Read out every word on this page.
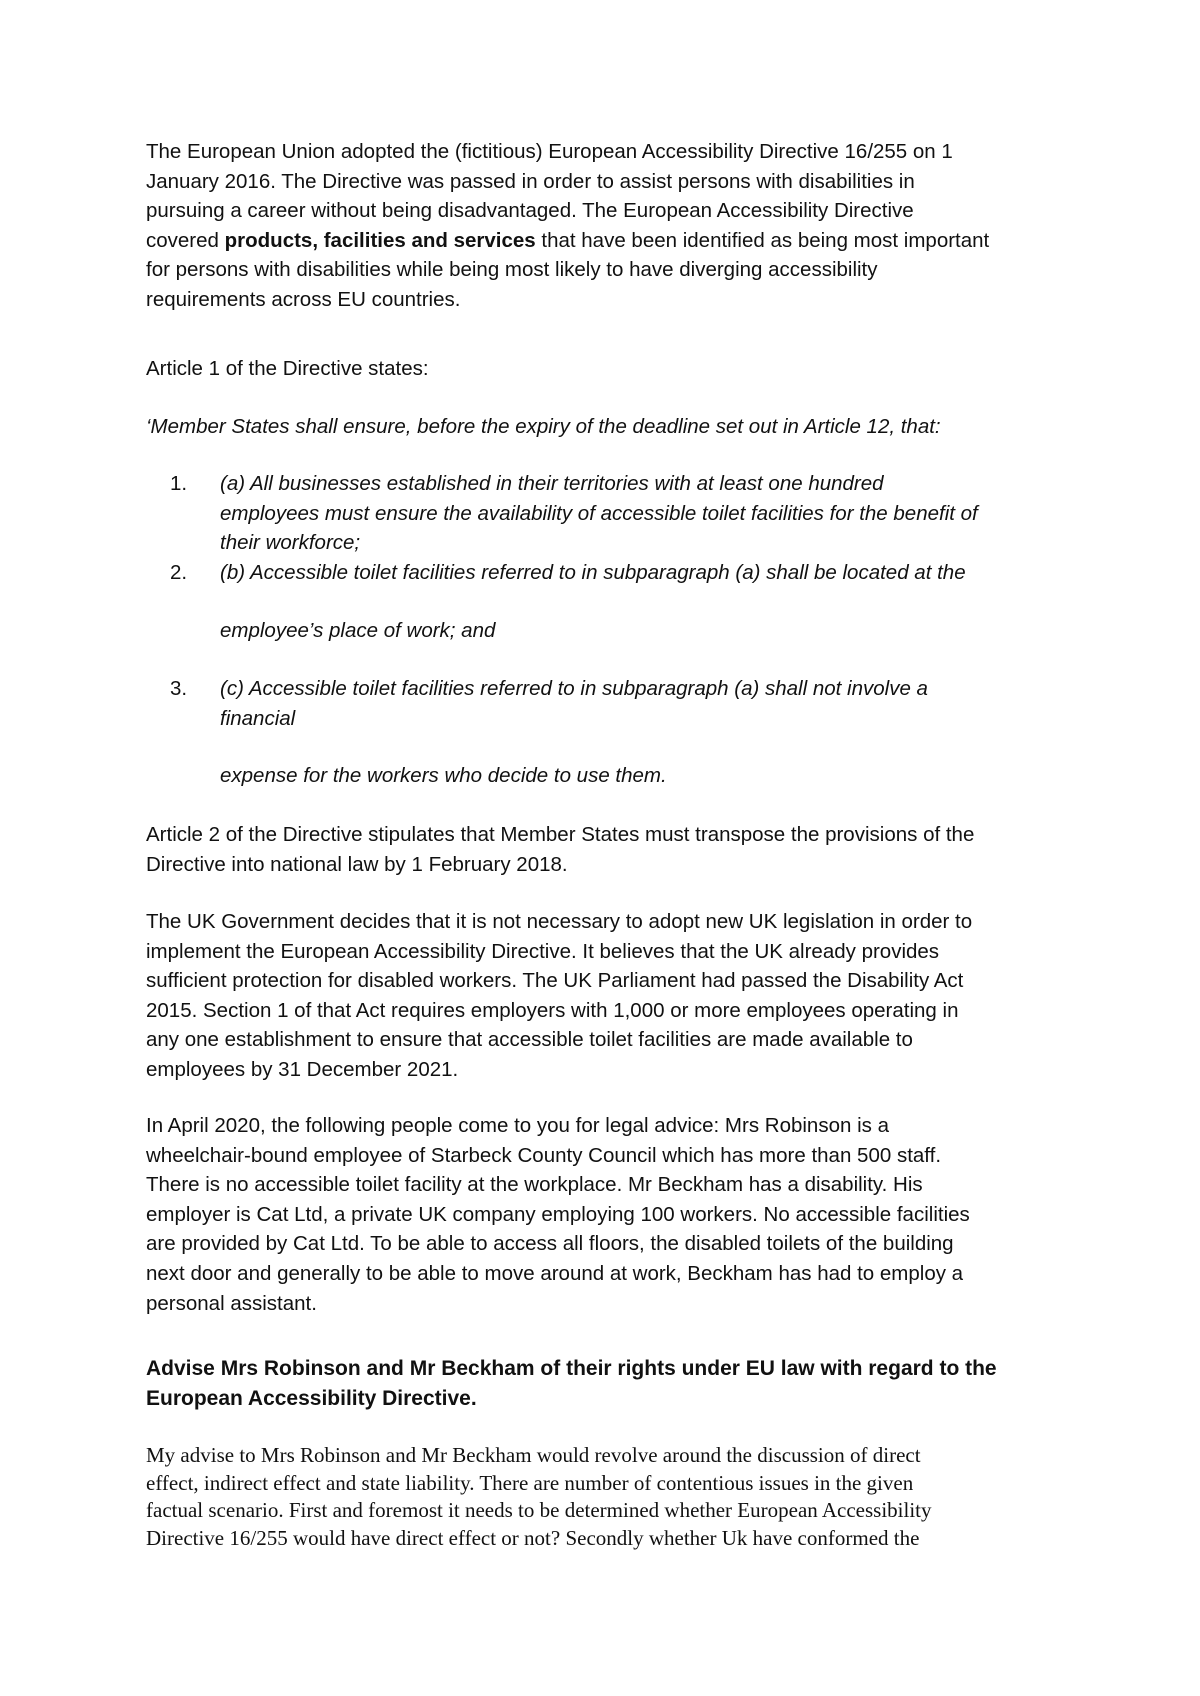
The European Union adopted the (fictitious) European Accessibility Directive 16/255 on 1

January 2016. The Directive was passed in order to assist persons with disabilities in

pursuing a career without being disadvantaged. The European Accessibility Directive

covered products, facilities and services that have been identified as being most important

for persons with disabilities while being most likely to have diverging accessibility

requirements across EU countries.

Article 1 of the Directive states:
‘Member States shall ensure, before the expiry of the deadline set out in Article 12, that:
1. (a) All businesses established in their territories with at least one hundred
employees must ensure the availability of accessible toilet facilities for the benefit of
their workforce;
2. (b) Accessible toilet facilities referred to in subparagraph (a) shall be located at the
employee’s place of work; and
3. (c) Accessible toilet facilities referred to in subparagraph (a) shall not involve a
financial
expense for the workers who decide to use them.

Article 2 of the Directive stipulates that Member States must transpose the provisions of the

Directive into national law by 1 February 2018.

The UK Government decides that it is not necessary to adopt new UK legislation in order to

implement the European Accessibility Directive. It believes that the UK already provides

sufficient protection for disabled workers. The UK Parliament had passed the Disability Act

2015. Section 1 of that Act requires employers with 1,000 or more employees operating in

any one establishment to ensure that accessible toilet facilities are made available to

employees by 31 December 2021.

In April 2020, the following people come to you for legal advice: Mrs Robinson is a

wheelchair-bound employee of Starbeck County Council which has more than 500 staff.

There is no accessible toilet facility at the workplace. Mr Beckham has a disability. His

employer is Cat Ltd, a private UK company employing 100 workers. No accessible facilities

are provided by Cat Ltd. To be able to access all floors, the disabled toilets of the building

next door and generally to be able to move around at work, Beckham has had to employ a

personal assistant.

Advise Mrs Robinson and Mr Beckham of their rights under EU law with regard to the
European Accessibility Directive.

My advise to Mrs Robinson and Mr Beckham would revolve around the discussion of direct

effect, indirect effect and state liability. There are number of contentious issues in the given

factual scenario. First and foremost it needs to be determined whether European Accessibility

Directive 16/255 would have direct effect or not? Secondly whether Uk have conformed the
